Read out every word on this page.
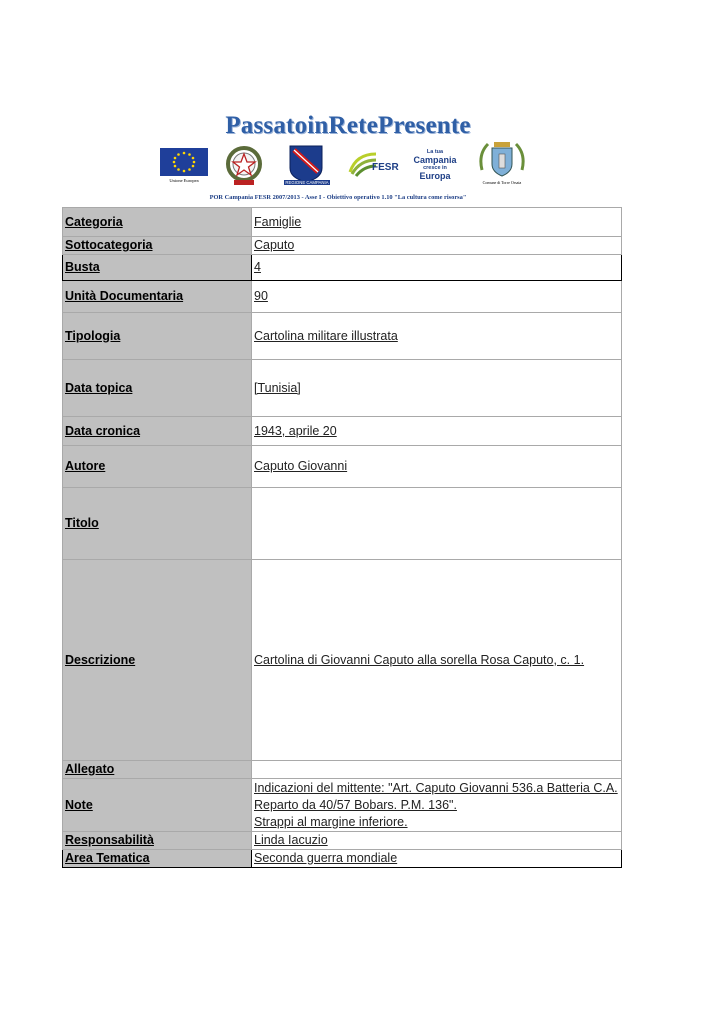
PassatoinRetePresente
Unione Europea	REGIONE CAMPANIA
FESR
La tua
Campania
cresce in
Europa
Comune di Torre Orsaia
POR Campania FESR 2007/2013 - Asse I - Obiettivo operativo 1.10 "La cultura come risorsa"
Categoria	Famiglie
Sottocategoria	Caputo
Busta	4
Unità Documentaria	90
Tipologia	Cartolina militare illustrata
Data topica	[Tunisia]
Data cronica	1943, aprile 20
Autore	Caputo Giovanni
Titolo	
Descrizione	Cartolina di Giovanni Caputo alla sorella Rosa Caputo, c. 1.
Allegato	
Note	Indicazioni del mittente: "Art. Caputo Giovanni 536.a Batteria C.A.
Reparto da 40/57 Bobars. P.M. 136".
Strappi al margine inferiore.

Responsabilità	Linda Iacuzio
Area Tematica	Seconda guerra mondiale
